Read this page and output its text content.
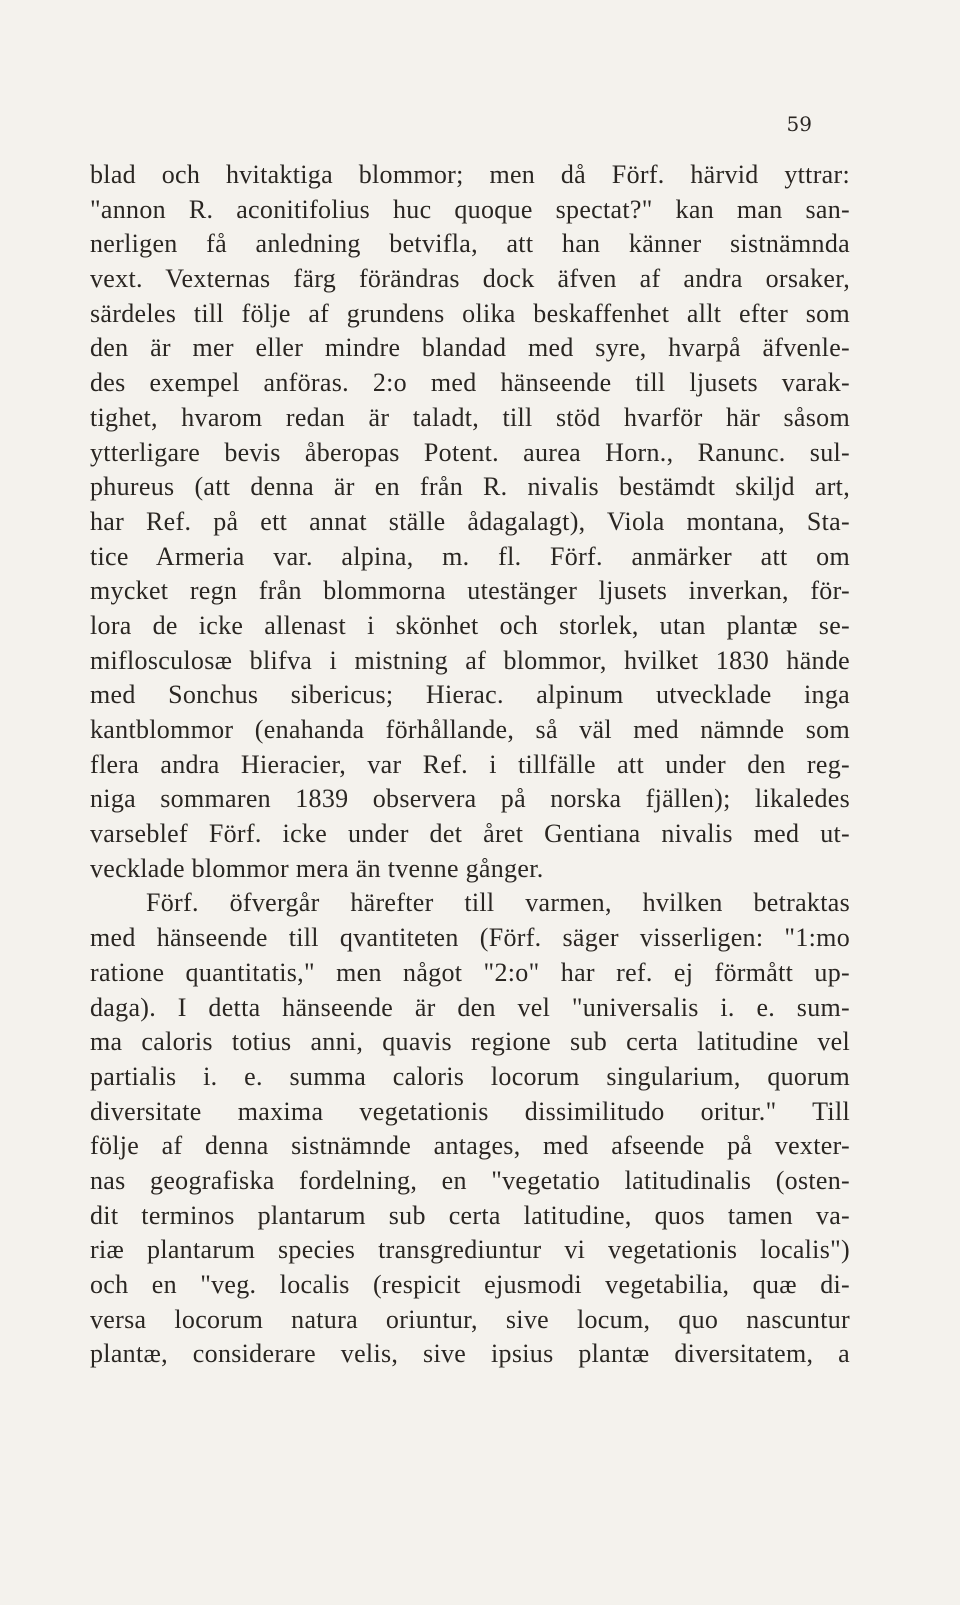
59
blad och hvitaktiga blommor; men då Förf. härvid yttrar:
"annon R. aconitifolius huc quoque spectat?" kan man san-
nerligen få anledning betvifla, att han känner sistnämnda
vext. Vexternas färg förändras dock äfven af andra orsaker,
särdeles till följe af grundens olika beskaffenhet allt efter som
den är mer eller mindre blandad med syre, hvarpå äfvenle-
des exempel anföras. 2:o med hänseende till ljusets varak-
tighet, hvarom redan är taladt, till stöd hvarför här såsom
ytterligare bevis åberopas Potent. aurea Horn., Ranunc. sul-
phureus (att denna är en från R. nivalis bestämdt skiljd art,
har Ref. på ett annat ställe ådagalagt), Viola montana, Sta-
tice Armeria var. alpina, m. fl. Förf. anmärker att om
mycket regn från blommorna utestänger ljusets inverkan, för-
lora de icke allenast i skönhet och storlek, utan plantæ se-
miflosculosæ blifva i mistning af blommor, hvilket 1830 hände
med Sonchus sibericus; Hierac. alpinum utvecklade inga
kantblommor (enahanda förhållande, så väl med nämnde som
flera andra Hieracier, var Ref. i tillfälle att under den reg-
niga sommaren 1839 observera på norska fjällen); likaledes
varseblef Förf. icke under det året Gentiana nivalis med ut-
vecklade blommor mera än tvenne gånger.
Förf. öfvergår härefter till varmen, hvilken betraktas
med hänseende till qvantiteten (Förf. säger visserligen: "1:mo
ratione quantitatis," men något "2:o" har ref. ej förmått up-
daga). I detta hänseende är den vel "universalis i. e. sum-
ma caloris totius anni, quavis regione sub certa latitudine vel
partialis i. e. summa caloris locorum singularium, quorum
diversitate maxima vegetationis dissimilitudo oritur." Till
följe af denna sistnämnde antages, med afseende på vexter-
nas geografiska fordelning, en "vegetatio latitudinalis (osten-
dit terminos plantarum sub certa latitudine, quos tamen va-
riæ plantarum species transgrediuntur vi vegetationis localis")
och en "veg. localis (respicit ejusmodi vegetabilia, quæ di-
versa locorum natura oriuntur, sive locum, quo nascuntur
plantæ, considerare velis, sive ipsius plantæ diversitatem, a
